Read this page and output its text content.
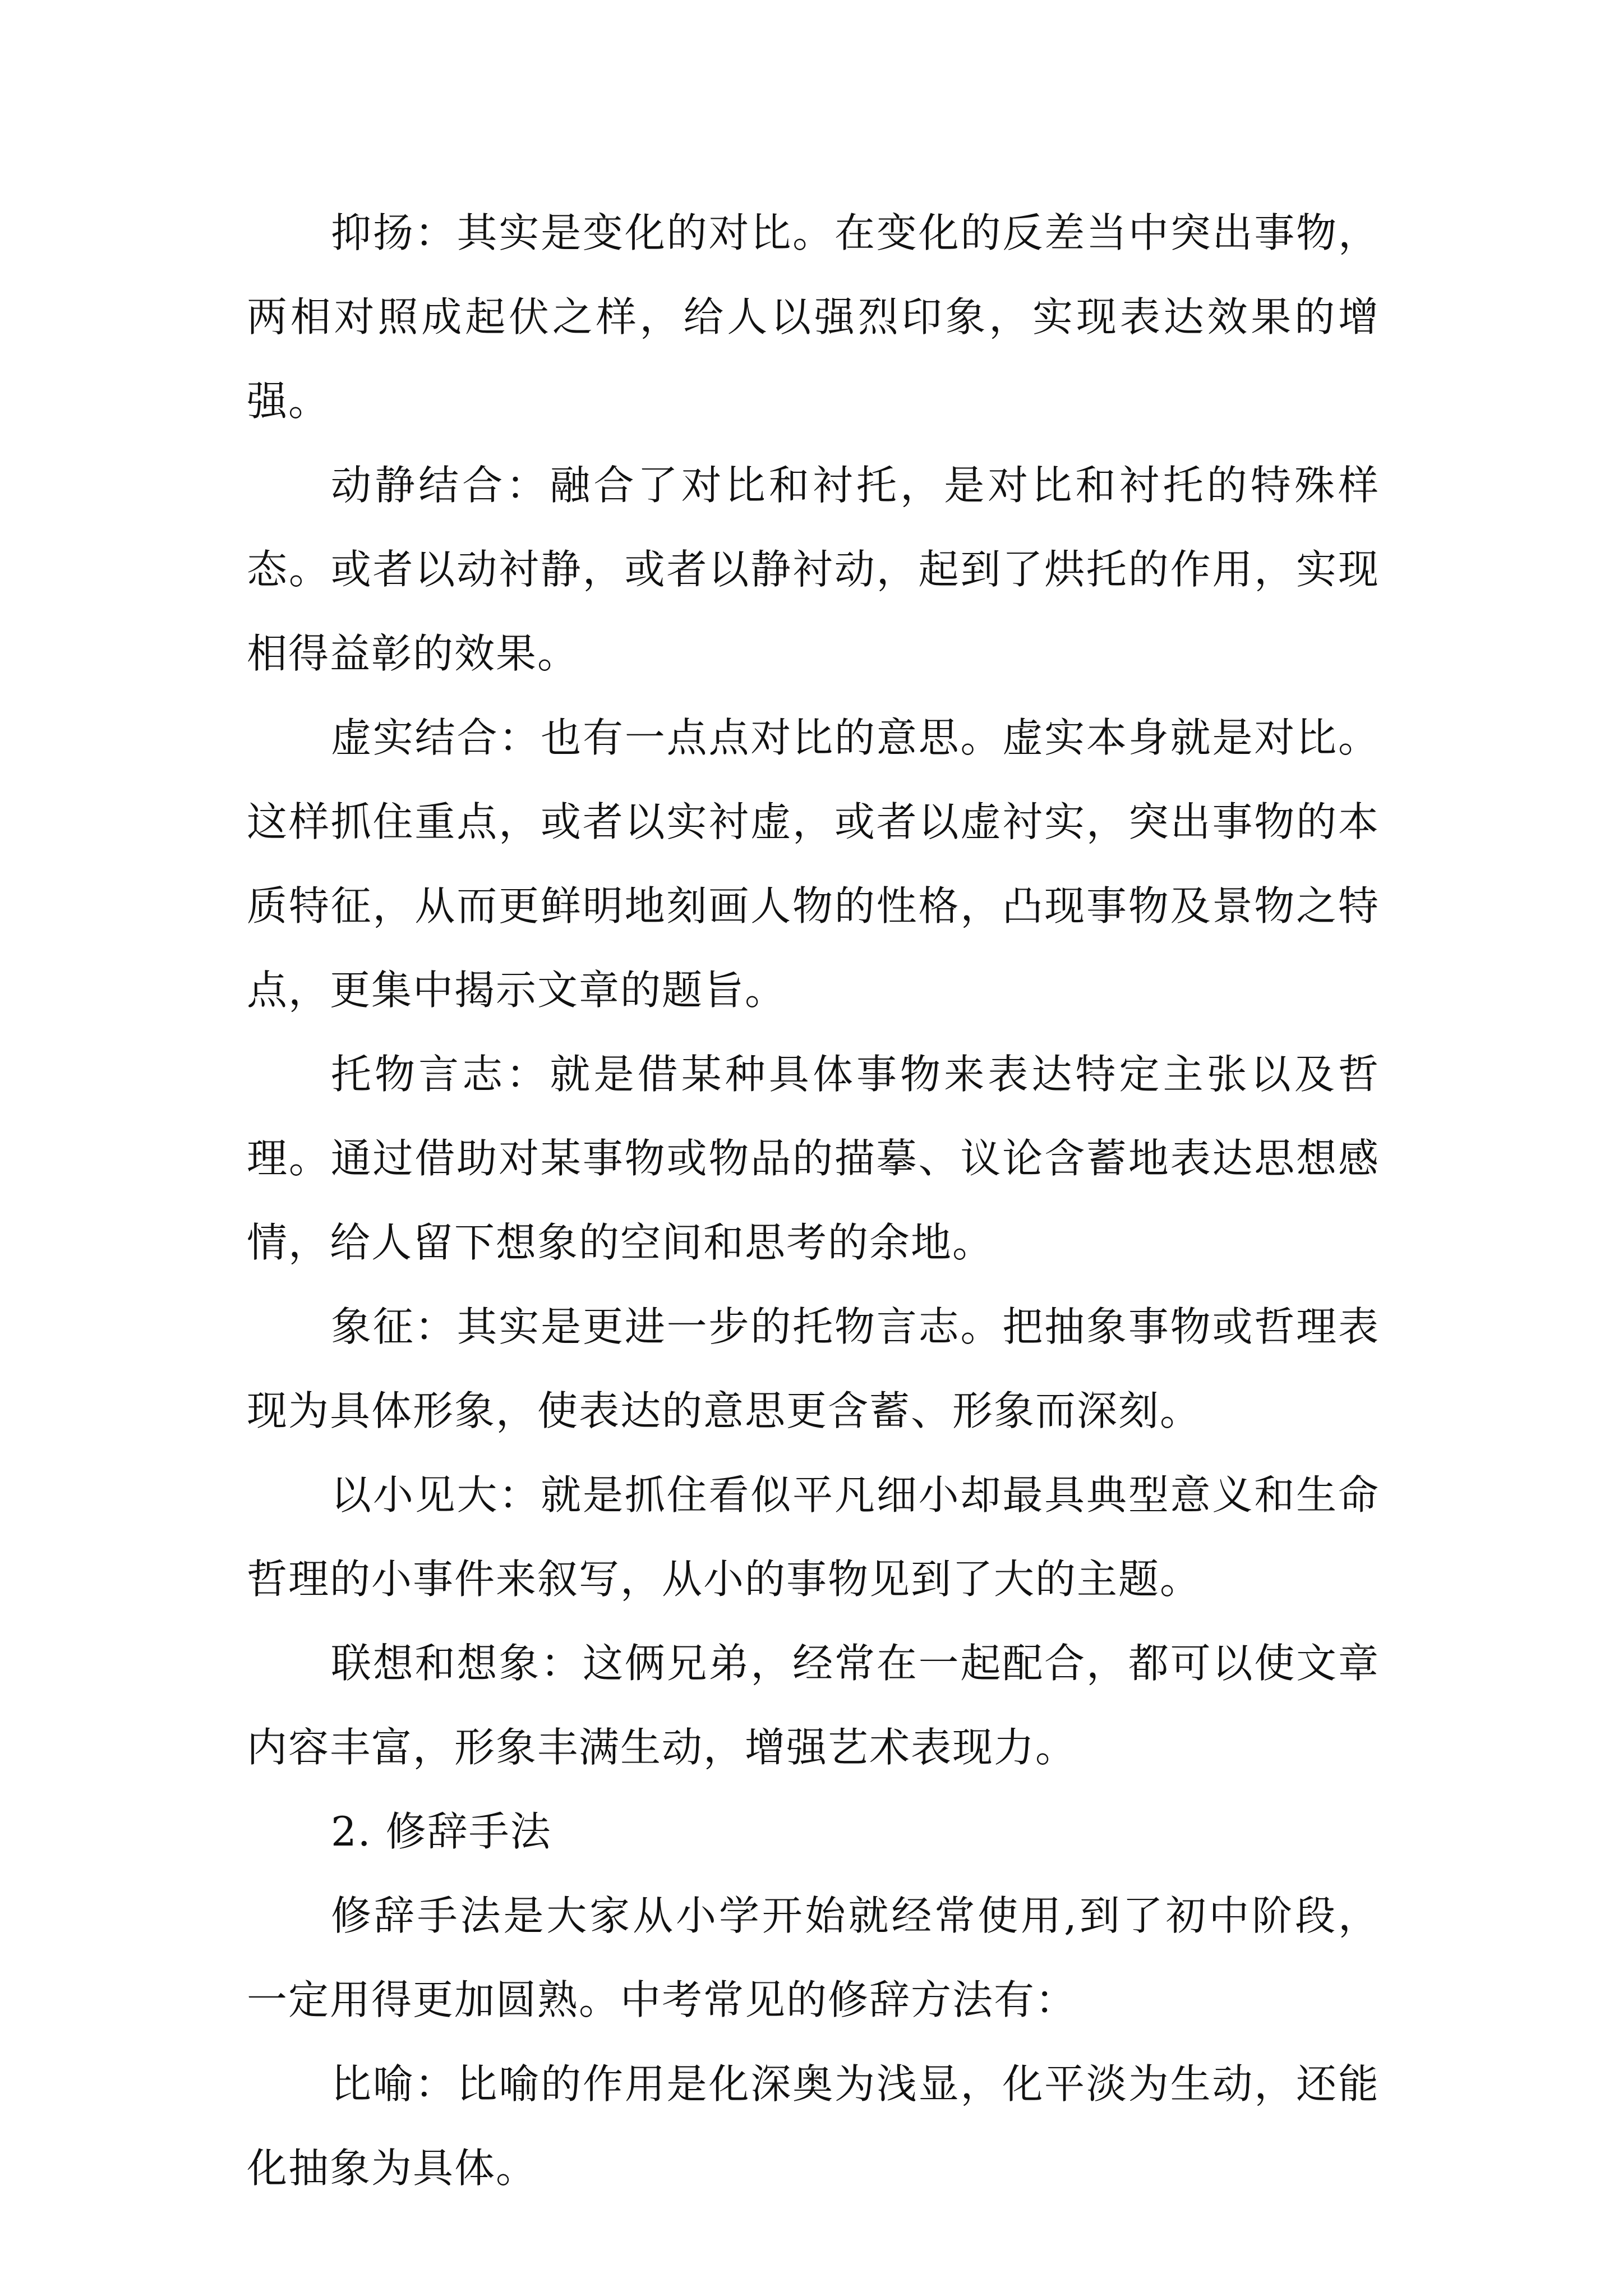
抑扬：其实是变化的对比。在变化的反差当中突出事物，两相对照成起伏之样，给人以强烈印象，实现表达效果的增强。

动静结合：融合了对比和衬托，是对比和衬托的特殊样态。或者以动衬静，或者以静衬动，起到了烘托的作用，实现相得益彰的效果。

虚实结合：也有一点点对比的意思。虚实本身就是对比。这样抓住重点，或者以实衬虚，或者以虚衬实，突出事物的本质特征，从而更鲜明地刻画人物的性格，凸现事物及景物之特点，更集中揭示文章的题旨。

托物言志：就是借某种具体事物来表达特定主张以及哲理。通过借助对某事物或物品的描摹、议论含蓄地表达思想感情，给人留下想象的空间和思考的余地。

象征：其实是更进一步的托物言志。把抽象事物或哲理表现为具体形象，使表达的意思更含蓄、形象而深刻。

以小见大：就是抓住看似平凡细小却最具典型意义和生命哲理的小事件来叙写，从小的事物见到了大的主题。

联想和想象：这俩兄弟，经常在一起配合，都可以使文章内容丰富，形象丰满生动，增强艺术表现力。

2. 修辞手法

修辞手法是大家从小学开始就经常使用,到了初中阶段，一定用得更加圆熟。中考常见的修辞方法有：

比喻：比喻的作用是化深奥为浅显，化平淡为生动，还能化抽象为具体。
